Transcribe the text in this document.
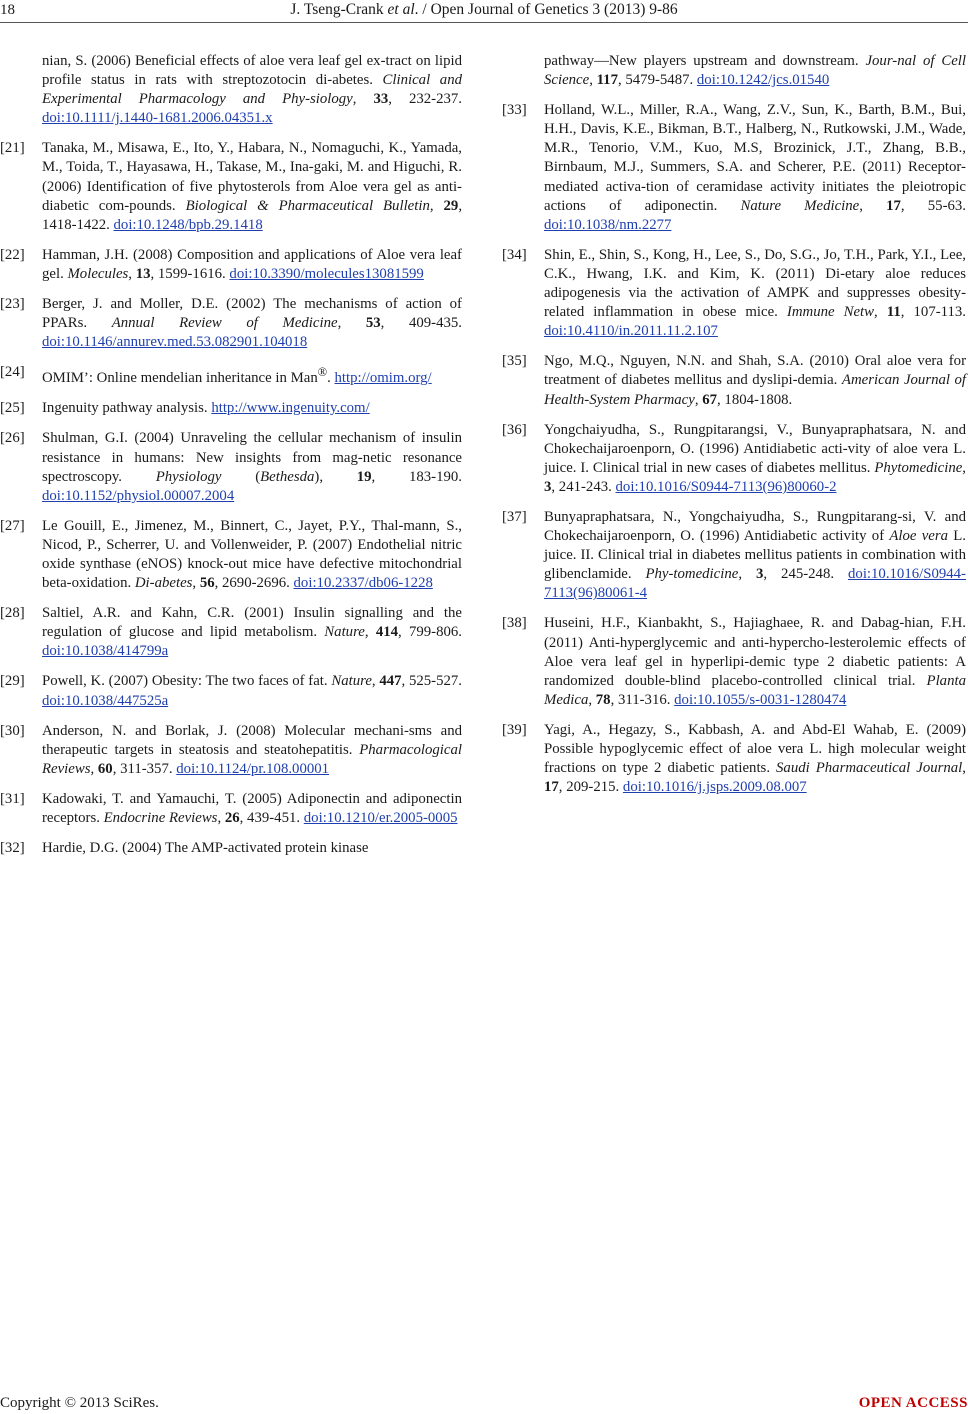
18	J. Tseng-Crank et al. / Open Journal of Genetics 3 (2013) 9-86
nian, S. (2006) Beneficial effects of aloe vera leaf gel ex-tract on lipid profile status in rats with streptozotocin di-abetes. Clinical and Experimental Pharmacology and Phy-siology, 33, 232-237. doi:10.1111/j.1440-1681.2006.04351.x
[21]	Tanaka, M., Misawa, E., Ito, Y., Habara, N., Nomaguchi, K., Yamada, M., Toida, T., Hayasawa, H., Takase, M., Ina-gaki, M. and Higuchi, R. (2006) Identification of five phytosterols from Aloe vera gel as anti-diabetic com-pounds. Biological & Pharmaceutical Bulletin, 29, 1418-1422. doi:10.1248/bpb.29.1418
[22]	Hamman, J.H. (2008) Composition and applications of Aloe vera leaf gel. Molecules, 13, 1599-1616. doi:10.3390/molecules13081599
[23]	Berger, J. and Moller, D.E. (2002) The mechanisms of action of PPARs. Annual Review of Medicine, 53, 409-435. doi:10.1146/annurev.med.53.082901.104018
[24]	OMIM’: Online mendelian inheritance in Man®. http://omim.org/
[25]	Ingenuity pathway analysis. http://www.ingenuity.com/
[26]	Shulman, G.I. (2004) Unraveling the cellular mechanism of insulin resistance in humans: New insights from mag-netic resonance spectroscopy. Physiology (Bethesda), 19, 183-190. doi:10.1152/physiol.00007.2004
[27]	Le Gouill, E., Jimenez, M., Binnert, C., Jayet, P.Y., Thal-mann, S., Nicod, P., Scherrer, U. and Vollenweider, P. (2007) Endothelial nitric oxide synthase (eNOS) knock-out mice have defective mitochondrial beta-oxidation. Di-abetes, 56, 2690-2696. doi:10.2337/db06-1228
[28]	Saltiel, A.R. and Kahn, C.R. (2001) Insulin signalling and the regulation of glucose and lipid metabolism. Nature, 414, 799-806. doi:10.1038/414799a
[29]	Powell, K. (2007) Obesity: The two faces of fat. Nature, 447, 525-527. doi:10.1038/447525a
[30]	Anderson, N. and Borlak, J. (2008) Molecular mechani-sms and therapeutic targets in steatosis and steatohepatitis. Pharmacological Reviews, 60, 311-357. doi:10.1124/pr.108.00001
[31]	Kadowaki, T. and Yamauchi, T. (2005) Adiponectin and adiponectin receptors. Endocrine Reviews, 26, 439-451. doi:10.1210/er.2005-0005
[32]	Hardie, D.G. (2004) The AMP-activated protein kinase
pathway—New players upstream and downstream. Jour-nal of Cell Science, 117, 5479-5487. doi:10.1242/jcs.01540
[33]	Holland, W.L., Miller, R.A., Wang, Z.V., Sun, K., Barth, B.M., Bui, H.H., Davis, K.E., Bikman, B.T., Halberg, N., Rutkowski, J.M., Wade, M.R., Tenorio, V.M., Kuo, M.S, Brozinick, J.T., Zhang, B.B., Birnbaum, M.J., Summers, S.A. and Scherer, P.E. (2011) Receptor-mediated activa-tion of ceramidase activity initiates the pleiotropic actions of adiponectin. Nature Medicine, 17, 55-63. doi:10.1038/nm.2277
[34]	Shin, E., Shin, S., Kong, H., Lee, S., Do, S.G., Jo, T.H., Park, Y.I., Lee, C.K., Hwang, I.K. and Kim, K. (2011) Di-etary aloe reduces adipogenesis via the activation of AMPK and suppresses obesity-related inflammation in obese mice. Immune Netw, 11, 107-113. doi:10.4110/in.2011.11.2.107
[35]	Ngo, M.Q., Nguyen, N.N. and Shah, S.A. (2010) Oral aloe vera for treatment of diabetes mellitus and dyslipi-demia. American Journal of Health-System Pharmacy, 67, 1804-1808.
[36]	Yongchaiyudha, S., Rungpitarangsi, V., Bunyapraphatsara, N. and Chokechaijaroenporn, O. (1996) Antidiabetic acti-vity of aloe vera L. juice. I. Clinical trial in new cases of diabetes mellitus. Phytomedicine, 3, 241-243. doi:10.1016/S0944-7113(96)80060-2
[37]	Bunyapraphatsara, N., Yongchaiyudha, S., Rungpitarang-si, V. and Chokechaijaroenporn, O. (1996) Antidiabetic activity of Aloe vera L. juice. II. Clinical trial in diabetes mellitus patients in combination with glibenclamide. Phy-tomedicine, 3, 245-248. doi:10.1016/S0944-7113(96)80061-4
[38]	Huseini, H.F., Kianbakht, S., Hajiaghaee, R. and Dabag-hian, F.H. (2011) Anti-hyperglycemic and anti-hypercho-lesterolemic effects of Aloe vera leaf gel in hyperlipi-demic type 2 diabetic patients: A randomized double-blind placebo-controlled clinical trial. Planta Medica, 78, 311-316. doi:10.1055/s-0031-1280474
[39]	Yagi, A., Hegazy, S., Kabbash, A. and Abd-El Wahab, E. (2009) Possible hypoglycemic effect of aloe vera L. high molecular weight fractions on type 2 diabetic patients. Saudi Pharmaceutical Journal, 17, 209-215. doi:10.1016/j.jsps.2009.08.007
Copyright © 2013 SciRes.	OPEN ACCESS
